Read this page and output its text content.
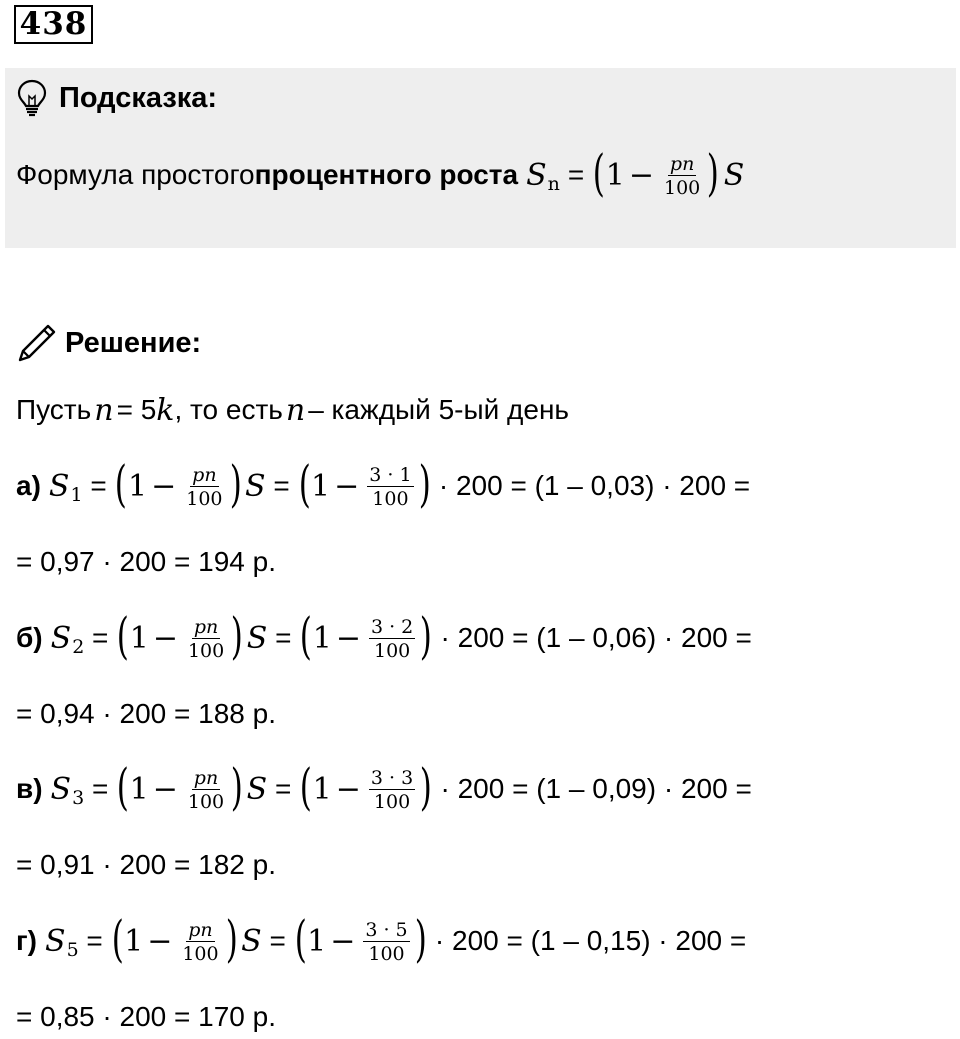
438
Подсказка:
Формула простого процентного роста S n = ( $1 - \frac{pn}{100}$ ) S
Решение:
Пусть n = 5 k , то есть n – каждый 5-ый день
а) S 1 = ( $1 - \frac{pn}{100}$ ) S = ( $1 - \frac{3 \cdot 1}{100}$ ) · 200 = (1 – 0,03) · 200 =
= 0,97 · 200 = 194 р.
б) S 2 = ( $1 - \frac{pn}{100}$ ) S = ( $1 - \frac{3 \cdot 2}{100}$ ) · 200 = (1 – 0,06) · 200 =
= 0,94 · 200 = 188 р.
в) S 3 = ( $1 - \frac{pn}{100}$ ) S = ( $1 - \frac{3 \cdot 3}{100}$ ) · 200 = (1 – 0,09) · 200 =
= 0,91 · 200 = 182 р.
г) S 5 = ( $1 - \frac{pn}{100}$ ) S = ( $1 - \frac{3 \cdot 5}{100}$ ) · 200 = (1 – 0,15) · 200 =
= 0,85 · 200 = 170 р.
